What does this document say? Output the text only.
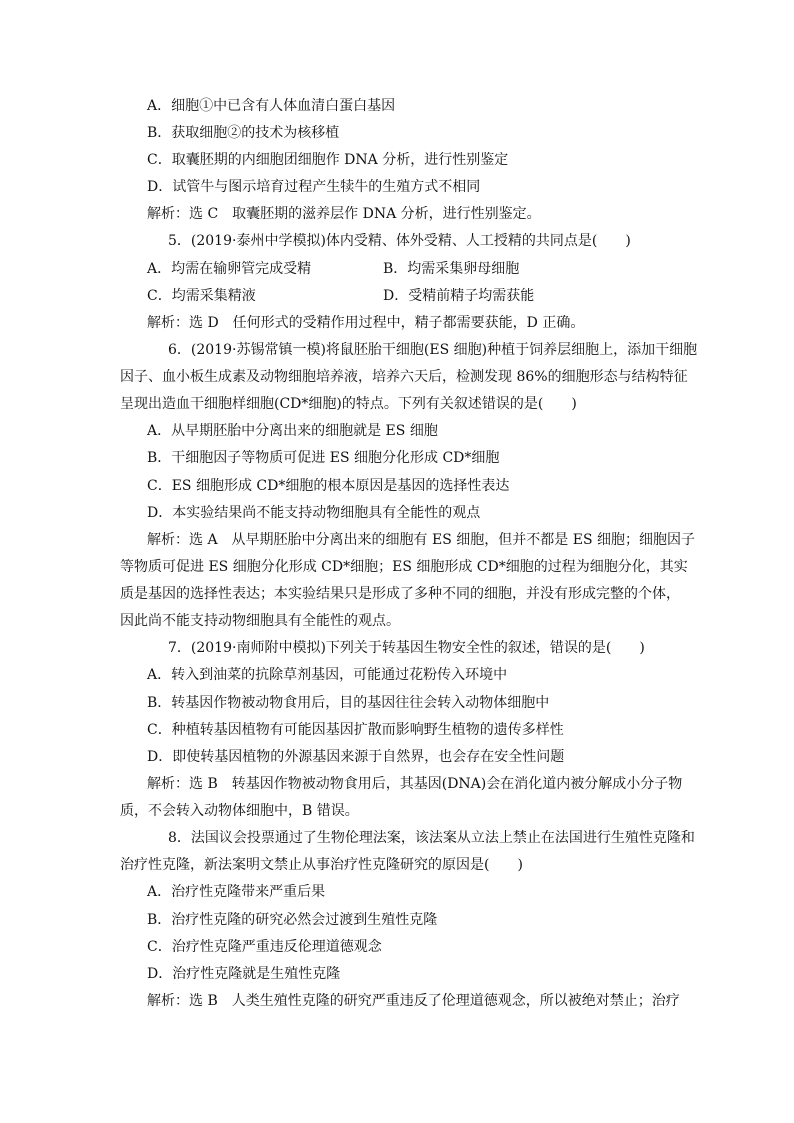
A．细胞①中已含有人体血清白蛋白基因
B．获取细胞②的技术为核移植
C．取囊胚期的内细胞团细胞作 DNA 分析，进行性别鉴定
D．试管牛与图示培育过程产生犊牛的生殖方式不相同
解析：选 C　取囊胚期的滋养层作 DNA 分析，进行性别鉴定。
5．(2019·泰州中学模拟)体内受精、体外受精、人工授精的共同点是(　　)
A．均需在输卵管完成受精	B．均需采集卵母细胞
C．均需采集精液	D．受精前精子均需获能
解析：选 D　任何形式的受精作用过程中，精子都需要获能，D 正确。
6．(2019·苏锡常镇一模)将鼠胚胎干细胞(ES 细胞)种植于饲养层细胞上，添加干细胞
因子、血小板生成素及动物细胞培养液，培养六天后，检测发现 86%的细胞形态与结构特征
呈现出造血干细胞样细胞(CD*细胞)的特点。下列有关叙述错误的是(　　)
A．从早期胚胎中分离出来的细胞就是 ES 细胞
B．干细胞因子等物质可促进 ES 细胞分化形成 CD*细胞
C．ES 细胞形成 CD*细胞的根本原因是基因的选择性表达
D．本实验结果尚不能支持动物细胞具有全能性的观点
解析：选 A　从早期胚胎中分离出来的细胞有 ES 细胞，但并不都是 ES 细胞；细胞因子
等物质可促进 ES 细胞分化形成 CD*细胞；ES 细胞形成 CD*细胞的过程为细胞分化，其实
质是基因的选择性表达；本实验结果只是形成了多种不同的细胞，并没有形成完整的个体，
因此尚不能支持动物细胞具有全能性的观点。
7．(2019·南师附中模拟)下列关于转基因生物安全性的叙述，错误的是(　　)
A．转入到油菜的抗除草剂基因，可能通过花粉传入环境中
B．转基因作物被动物食用后，目的基因往往会转入动物体细胞中
C．种植转基因植物有可能因基因扩散而影响野生植物的遗传多样性
D．即使转基因植物的外源基因来源于自然界，也会存在安全性问题
解析：选 B　转基因作物被动物食用后，其基因(DNA)会在消化道内被分解成小分子物
质，不会转入动物体细胞中，B 错误。
8．法国议会投票通过了生物伦理法案，该法案从立法上禁止在法国进行生殖性克隆和
治疗性克隆，新法案明文禁止从事治疗性克隆研究的原因是(　　)
A．治疗性克隆带来严重后果
B．治疗性克隆的研究必然会过渡到生殖性克隆
C．治疗性克隆严重违反伦理道德观念
D．治疗性克隆就是生殖性克隆
解析：选 B　人类生殖性克隆的研究严重违反了伦理道德观念，所以被绝对禁止；治疗
